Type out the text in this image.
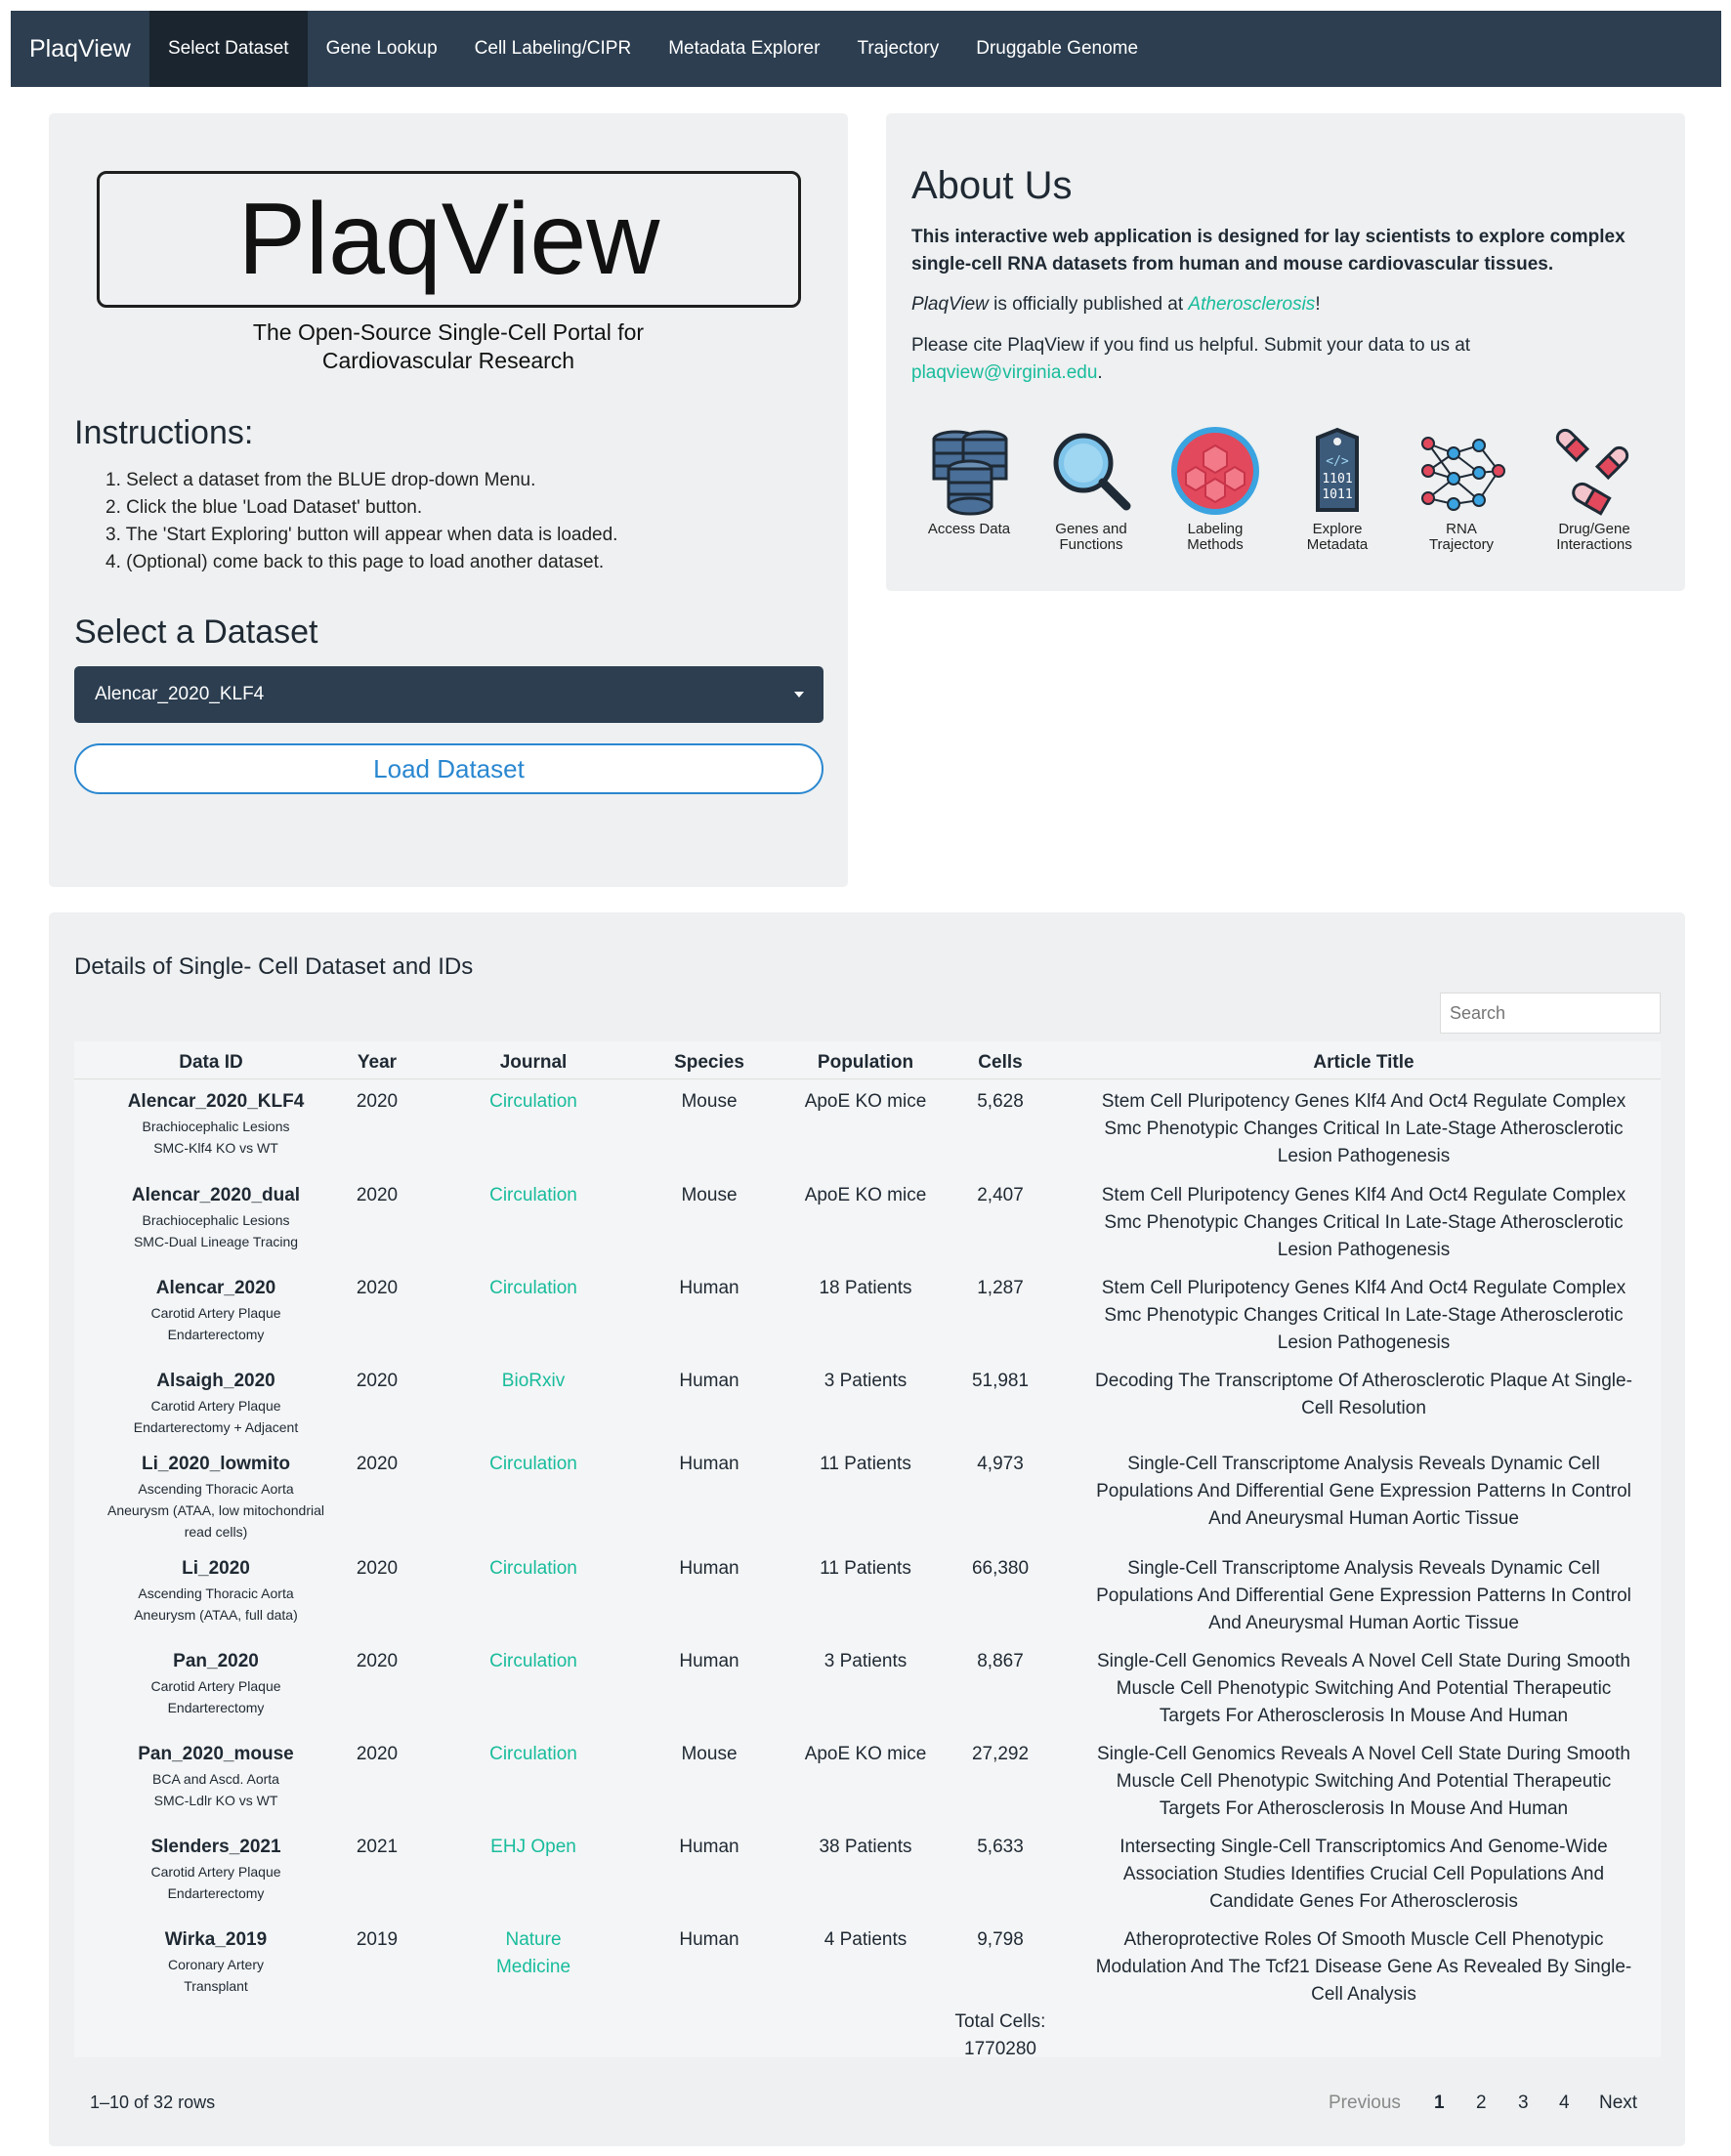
PlaqView	Select Dataset	Gene Lookup	Cell Labeling/CIPR	Metadata Explorer	Trajectory	Druggable Genome
PlaqView
The Open-Source Single-Cell Portal for
Cardiovascular Research
Instructions:
1. Select a dataset from the BLUE drop-down Menu.
2. Click the blue 'Load Dataset' button.
3. The 'Start Exploring' button will appear when data is loaded.
4. (Optional) come back to this page to load another dataset.
Select a Dataset
Alencar_2020_KLF4
Load Dataset
About Us
This interactive web application is designed for lay scientists to explore complex single-cell RNA datasets from human and mouse cardiovascular tissues.
PlaqView is officially published at Atherosclerosis!
Please cite PlaqView if you find us helpful. Submit your data to us at plaqview@virginia.edu.
Access Data	Genes and
Functions
Labeling
Methods
</>
1101
1011
Explore
Metadata
RNA
Trajectory
Drug/Gene
Interactions
Details of Single- Cell Dataset and IDs
Search
Data ID	Year	Journal	Species	Population	Cells	Article Title
Alencar_2020_KLF4
Brachiocephalic Lesions
SMC-Klf4 KO vs WT
2020	Circulation	Mouse	ApoE KO mice	5,628	Stem Cell Pluripotency Genes Klf4 And Oct4 Regulate Complex
Smc Phenotypic Changes Critical In Late-Stage Atherosclerotic
Lesion Pathogenesis
Alencar_2020_dual
Brachiocephalic Lesions
SMC-Dual Lineage Tracing
2020	Circulation	Mouse	ApoE KO mice	2,407	Stem Cell Pluripotency Genes Klf4 And Oct4 Regulate Complex
Smc Phenotypic Changes Critical In Late-Stage Atherosclerotic
Lesion Pathogenesis
Alencar_2020
Carotid Artery Plaque
Endarterectomy
2020	Circulation	Human	18 Patients	1,287	Stem Cell Pluripotency Genes Klf4 And Oct4 Regulate Complex
Smc Phenotypic Changes Critical In Late-Stage Atherosclerotic
Lesion Pathogenesis
Alsaigh_2020
Carotid Artery Plaque
Endarterectomy + Adjacent
2020	BioRxiv	Human	3 Patients	51,981	Decoding The Transcriptome Of Atherosclerotic Plaque At Single-
Cell Resolution
Li_2020_lowmito
Ascending Thoracic Aorta
Aneurysm (ATAA, low mitochondrial
read cells)
2020	Circulation	Human	11 Patients	4,973	Single-Cell Transcriptome Analysis Reveals Dynamic Cell
Populations And Differential Gene Expression Patterns In Control
And Aneurysmal Human Aortic Tissue
Li_2020
Ascending Thoracic Aorta
Aneurysm (ATAA, full data)
2020	Circulation	Human	11 Patients	66,380	Single-Cell Transcriptome Analysis Reveals Dynamic Cell
Populations And Differential Gene Expression Patterns In Control
And Aneurysmal Human Aortic Tissue
Pan_2020
Carotid Artery Plaque
Endarterectomy
2020	Circulation	Human	3 Patients	8,867	Single-Cell Genomics Reveals A Novel Cell State During Smooth
Muscle Cell Phenotypic Switching And Potential Therapeutic
Targets For Atherosclerosis In Mouse And Human
Pan_2020_mouse
BCA and Ascd. Aorta
SMC-Ldlr KO vs WT
2020	Circulation	Mouse	ApoE KO mice	27,292	Single-Cell Genomics Reveals A Novel Cell State During Smooth
Muscle Cell Phenotypic Switching And Potential Therapeutic
Targets For Atherosclerosis In Mouse And Human
Slenders_2021
Carotid Artery Plaque
Endarterectomy
2021	EHJ Open	Human	38 Patients	5,633	Intersecting Single-Cell Transcriptomics And Genome-Wide
Association Studies Identifies Crucial Cell Populations And
Candidate Genes For Atherosclerosis
Wirka_2019
Coronary Artery
Transplant
2019	Nature
Medicine
Human	4 Patients	9,798	Atheroprotective Roles Of Smooth Muscle Cell Phenotypic
Modulation And The Tcf21 Disease Gene As Revealed By Single-
Cell Analysis
Total Cells:
1770280
1–10 of 32 rows	Previous 1 2 3 4 Next
